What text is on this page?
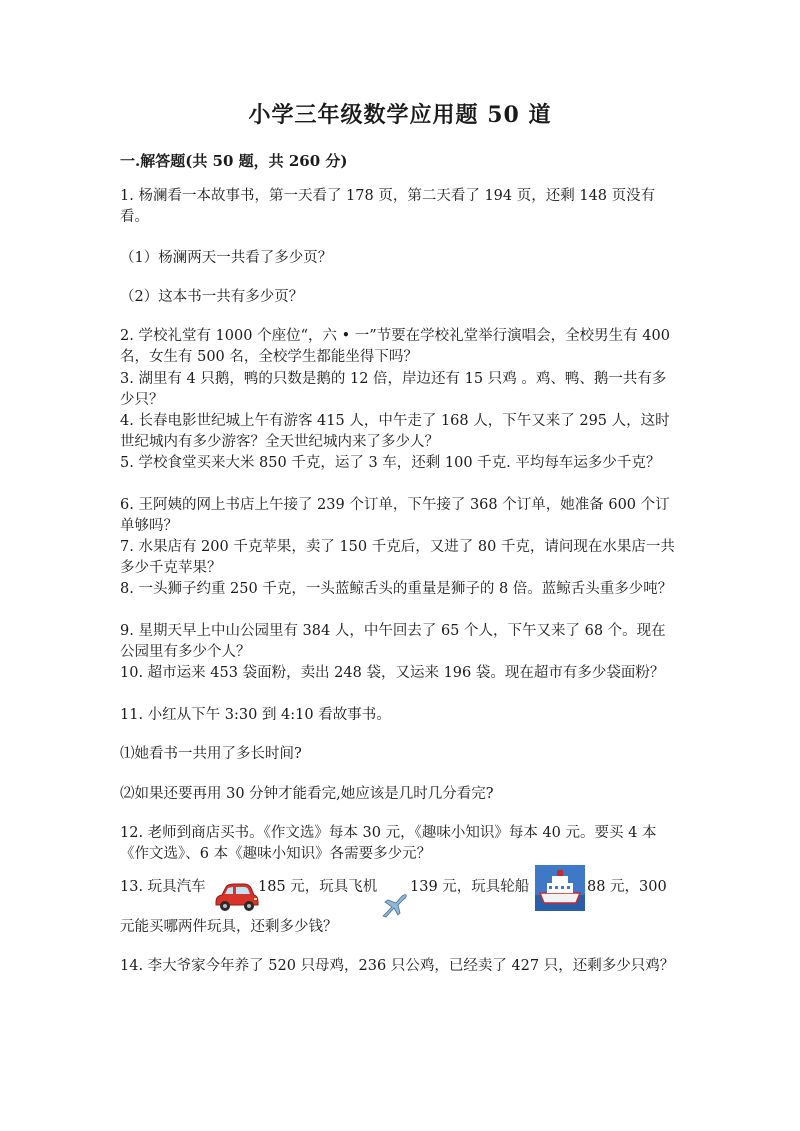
小学三年级数学应用题 50 道
一.解答题(共 50 题，共 260 分)
1. 杨澜看一本故事书，第一天看了 178 页，第二天看了 194 页，还剩 148 页没有看。
（1）杨澜两天一共看了多少页？
（2）这本书一共有多少页？
2. 学校礼堂有 1000 个座位“，六 • 一”节要在学校礼堂举行演唱会，全校男生有 400 名，女生有 500 名，全校学生都能坐得下吗？
3. 湖里有 4 只鹅，鸭的只数是鹅的 12 倍，岸边还有 15 只鸡 。鸡、鸭、鹅一共有多少只？
4. 长春电影世纪城上午有游客 415 人，中午走了 168 人，下午又来了 295 人，这时世纪城内有多少游客？全天世纪城内来了多少人？
5. 学校食堂买来大米 850 千克，运了 3 车，还剩 100 千克. 平均每车运多少千克？
6. 王阿姨的网上书店上午接了 239 个订单，下午接了 368 个订单，她准备 600 个订单够吗？
7. 水果店有 200 千克苹果，卖了 150 千克后，又进了 80 千克，请问现在水果店一共多少千克苹果？
8. 一头狮子约重 250 千克，一头蓝鲸舌头的重量是狮子的 8 倍。蓝鲸舌头重多少吨？
9. 星期天早上中山公园里有 384 人，中午回去了 65 个人，下午又来了 68 个。现在公园里有多少个人？
10. 超市运来 453 袋面粉，卖出 248 袋，又运来 196 袋。现在超市有多少袋面粉？
11. 小红从下午 3:30 到 4:10 看故事书。
⑴她看书一共用了多长时间?
⑵如果还要再用 30 分钟才能看完,她应该是几时几分看完?
12. 老师到商店买书。《作文选》每本 30 元，《趣味小知识》每本 40 元。要买 4 本《作文选》、6 本《趣味小知识》各需要多少元？
13. 玩具汽车	185 元，玩具飞机 139 元，玩具轮船	88 元，300
元能买哪两件玩具，还剩多少钱？
14. 李大爷家今年养了 520 只母鸡，236 只公鸡，已经卖了 427 只，还剩多少只鸡？
